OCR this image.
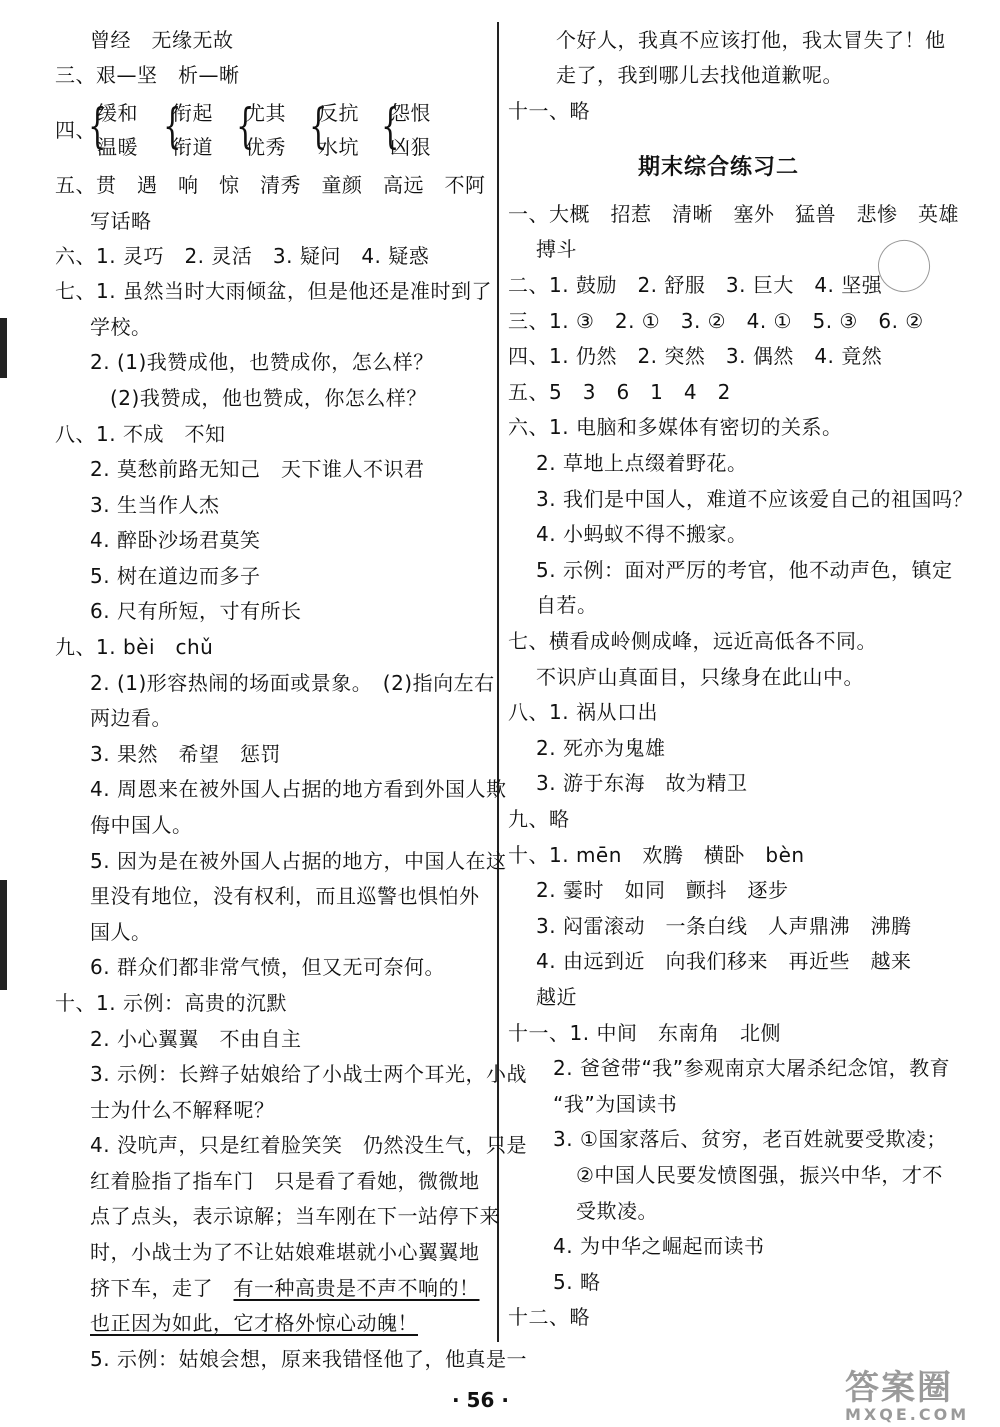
曾经　无缘无故
三、艰—坚　析—晰
四、
{
缓和
温暖 {
衔起
衔道 {
尤其
优秀 {
反抗
水坑 {
怨恨
凶狠
五、贯　遇　响　惊　清秀　童颜　高远　不阿
写话略
六、1. 灵巧　2. 灵活　3. 疑问　4. 疑惑
七、1. 虽然当时大雨倾盆，但是他还是准时到了
学校。
2. (1)我赞成他，也赞成你，怎么样？
(2)我赞成，他也赞成，你怎么样？
八、1. 不成　不知
2. 莫愁前路无知己　天下谁人不识君
3. 生当作人杰
4. 醉卧沙场君莫笑
5. 树在道边而多子
6. 尺有所短，寸有所长
九、1. bèi　chǔ
2. (1)形容热闹的场面或景象。　(2)指向左右
两边看。
3. 果然　希望　惩罚
4. 周恩来在被外国人占据的地方看到外国人欺
侮中国人。
5. 因为是在被外国人占据的地方，中国人在这
里没有地位，没有权利，而且巡警也惧怕外
国人。
6. 群众们都非常气愤，但又无可奈何。
十、1. 示例：高贵的沉默
2. 小心翼翼　不由自主
3. 示例：长辫子姑娘给了小战士两个耳光，小战
士为什么不解释呢？
4. 没吭声，只是红着脸笑笑　仍然没生气，只是
红着脸指了指车门　只是看了看她，微微地
点了点头，表示谅解；当车刚在下一站停下来
时，小战士为了不让姑娘难堪就小心翼翼地
挤下车，走了　有一种高贵是不声不响的！
也正因为如此，它才格外惊心动魄！
5. 示例：姑娘会想，原来我错怪他了，他真是一
个好人，我真不应该打他，我太冒失了！他
走了，我到哪儿去找他道歉呢。
十一、略
期末综合练习二
一、大概　招惹　清晰　塞外　猛兽　悲惨　英雄
搏斗
二、1. 鼓励　2. 舒服　3. 巨大　4. 坚强
三、1. ③　2. ①　3. ②　4. ①　5. ③　6. ②
四、1. 仍然　2. 突然　3. 偶然　4. 竟然
五、5　3　6　1　4　2
六、1. 电脑和多媒体有密切的关系。
2. 草地上点缀着野花。
3. 我们是中国人，难道不应该爱自己的祖国吗？
4. 小蚂蚁不得不搬家。
5. 示例：面对严厉的考官，他不动声色，镇定
自若。
七、横看成岭侧成峰，远近高低各不同。
不识庐山真面目，只缘身在此山中。
八、1. 祸从口出
2. 死亦为鬼雄
3. 游于东海　故为精卫
九、略
十、1. mēn　欢腾　横卧　bèn
2. 霎时　如同　颤抖　逐步
3. 闷雷滚动　一条白线　人声鼎沸　沸腾
4. 由远到近　向我们移来　再近些　越来
越近
十一、1. 中间　东南角　北侧
2. 爸爸带“我”参观南京大屠杀纪念馆，教育
“我”为国读书
3. ①国家落后、贫穷，老百姓就要受欺凌；
②中国人民要发愤图强，振兴中华，才不
受欺凌。
4. 为中华之崛起而读书
5. 略
十二、略
· 56 ·	答案圈
MXQE.COM
